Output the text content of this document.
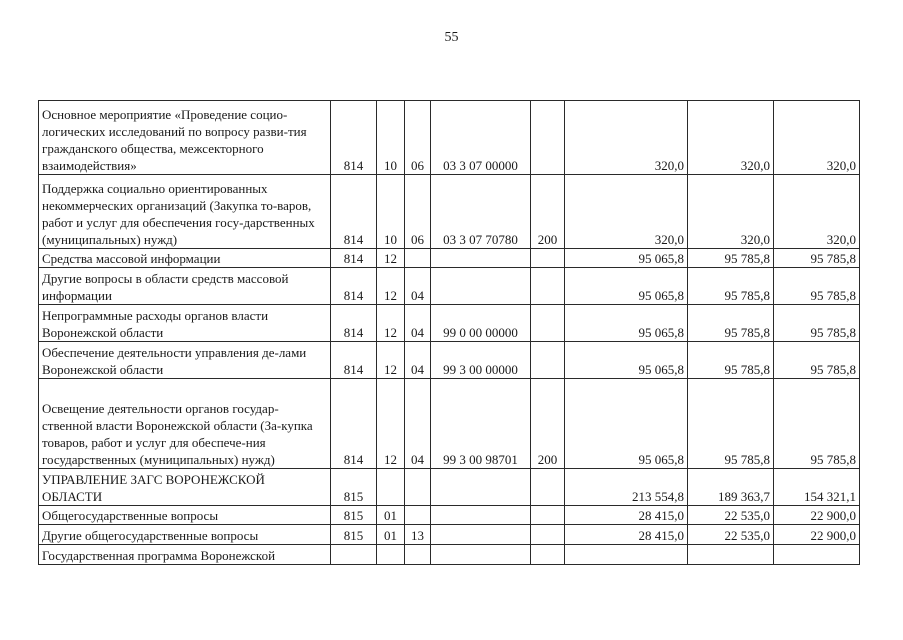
55
Основное мероприятие «Проведение социо-логических исследований по вопросу разви-тия гражданского общества, межсекторного взаимодействия»	814	10	06	03 3 07 00000		320,0	320,0	320,0
Поддержка социально ориентированных некоммерческих организаций (Закупка то-варов, работ и услуг для обеспечения госу-дарственных (муниципальных) нужд)	814	10	06	03 3 07 70780	200	320,0	320,0	320,0
Средства массовой информации	814	12				95 065,8	95 785,8	95 785,8
Другие вопросы в области средств массовой информации	814	12	04			95 065,8	95 785,8	95 785,8
Непрограммные расходы органов власти Воронежской области	814	12	04	99 0 00 00000		95 065,8	95 785,8	95 785,8
Обеспечение деятельности управления де-лами Воронежской области	814	12	04	99 3 00 00000		95 065,8	95 785,8	95 785,8
Освещение деятельности органов государ-ственной власти Воронежской области (За-купка товаров, работ и услуг для обеспече-ния государственных (муниципальных) нужд)	814	12	04	99 3 00 98701	200	95 065,8	95 785,8	95 785,8
УПРАВЛЕНИЕ ЗАГС ВОРОНЕЖСКОЙ ОБЛАСТИ	815					213 554,8	189 363,7	154 321,1
Общегосударственные вопросы	815	01				28 415,0	22 535,0	22 900,0
Другие общегосударственные вопросы	815	01	13			28 415,0	22 535,0	22 900,0
Государственная программа Воронежской								
